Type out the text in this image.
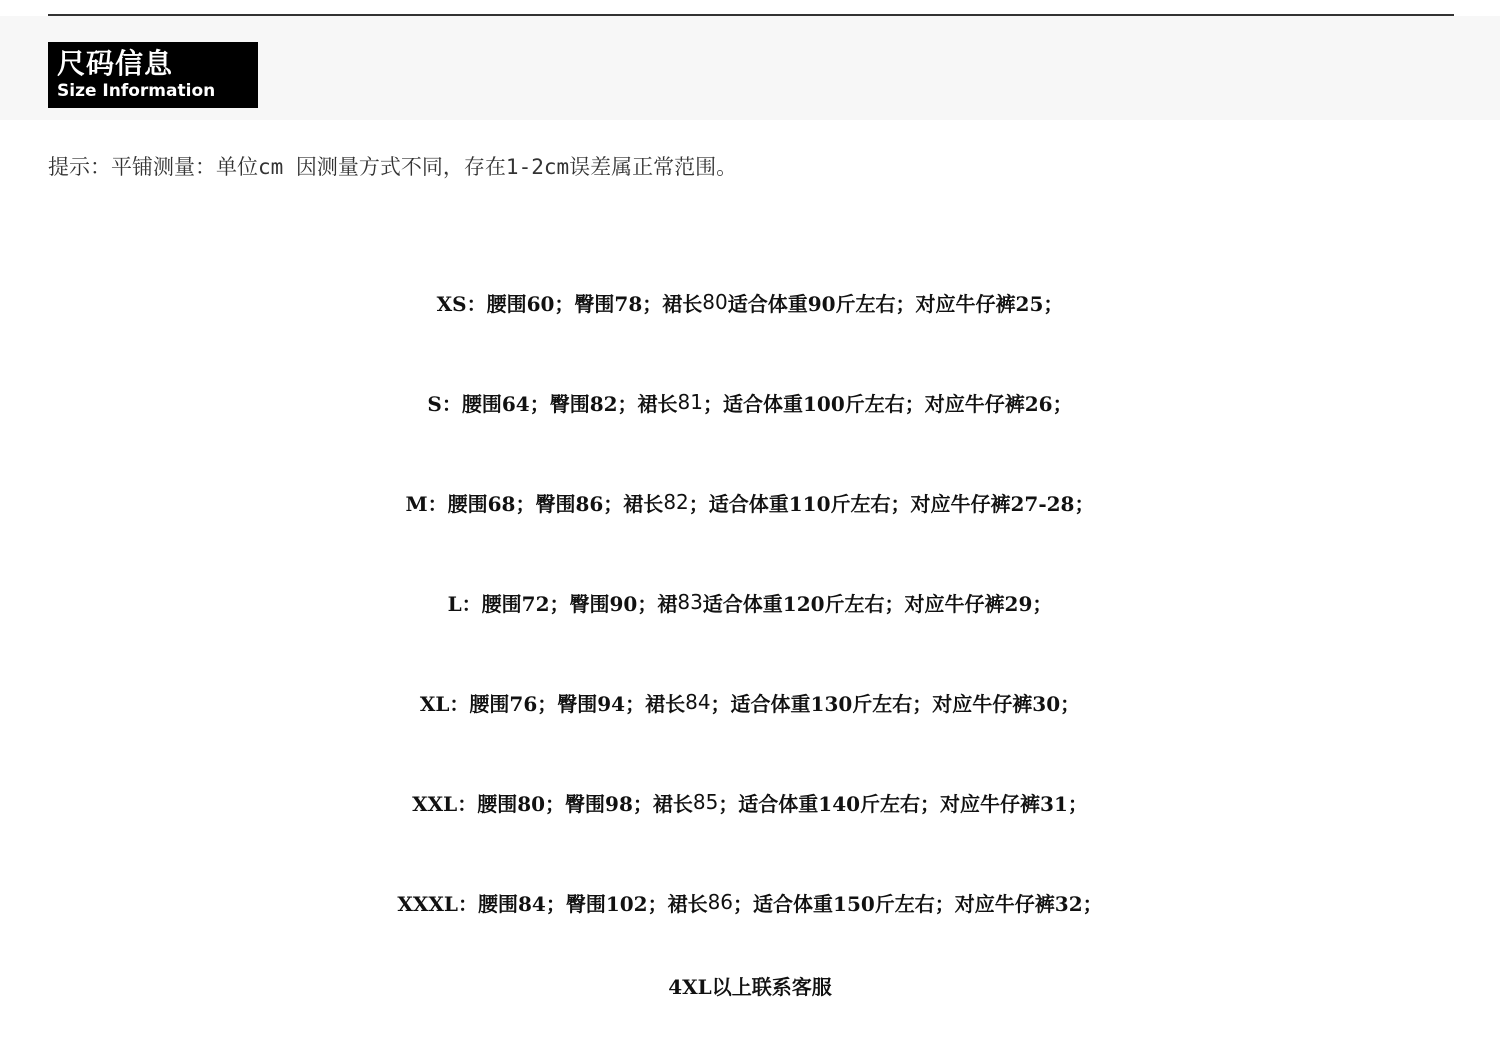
尺码信息
Size Information
提示：平铺测量：单位cm 因测量方式不同，存在1-2cm误差属正常范围。
XS：腰围60；臀围78；裙长 80 适合体重90斤左右；对应牛仔裤25；
S：腰围64；臀围82；裙长 81 ；适合体重100斤左右；对应牛仔裤26；
M：腰围68；臀围86；裙长 82 ；适合体重110斤左右；对应牛仔裤27-28；
L：腰围72；臀围90；裙 83 适合体重120斤左右；对应牛仔裤29；
XL：腰围76；臀围94；裙长 84 ；适合体重130斤左右；对应牛仔裤30；
XXL：腰围80；臀围98；裙长 85 ；适合体重140斤左右；对应牛仔裤31；
XXXL：腰围84；臀围102；裙长 86 ；适合体重150斤左右；对应牛仔裤32；
4XL以上联系客服
